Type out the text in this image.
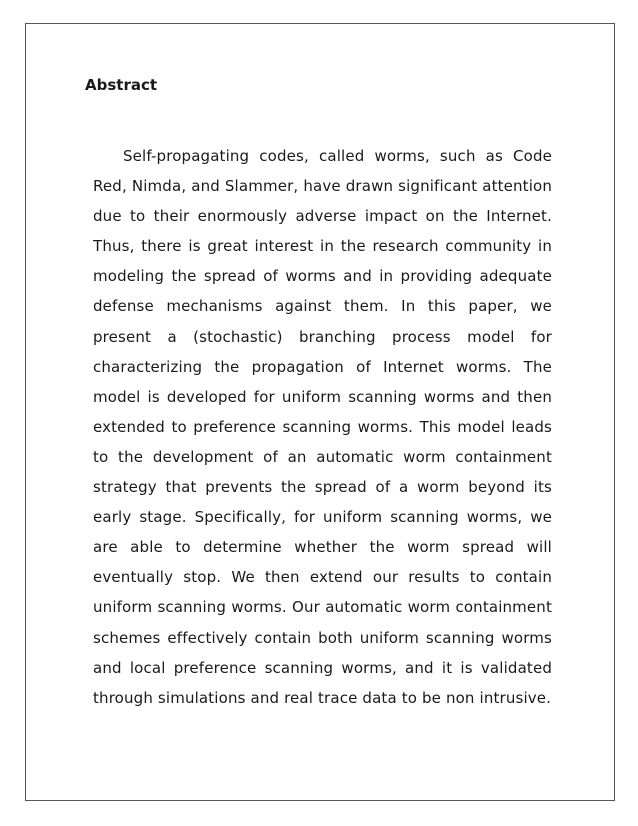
Abstract

Self-propagating codes, called worms, such as Code Red, Nimda, and Slammer, have drawn significant attention due to their enormously adverse impact on the Internet. Thus, there is great interest in the research community in modeling the spread of worms and in providing adequate defense mechanisms against them. In this paper, we present a (stochastic) branching process model for characterizing the propagation of Internet worms. The model is developed for uniform scanning worms and then extended to preference scanning worms. This model leads to the development of an automatic worm containment strategy that prevents the spread of a worm beyond its early stage. Specifically, for uniform scanning worms, we are able to determine whether the worm spread will eventually stop. We then extend our results to contain uniform scanning worms. Our automatic worm containment schemes effectively contain both uniform scanning worms and local preference scanning worms, and it is validated through simulations and real trace data to be non intrusive.
